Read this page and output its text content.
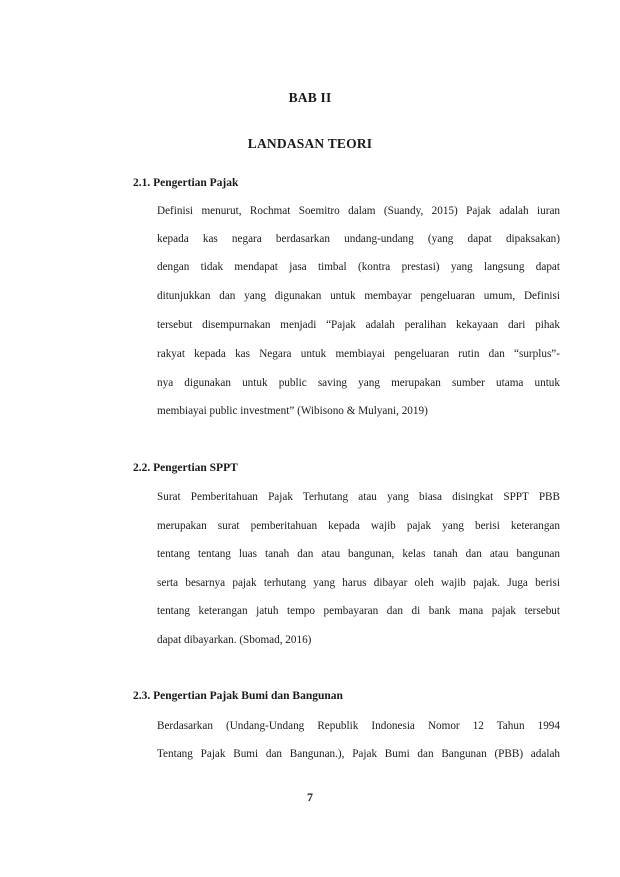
BAB II
LANDASAN TEORI
2.1. Pengertian Pajak
Definisi menurut, Rochmat Soemitro dalam (Suandy, 2015) Pajak adalah iuran
kepada kas negara berdasarkan undang-undang (yang dapat dipaksakan)
dengan tidak mendapat jasa timbal (kontra prestasi) yang langsung dapat
ditunjukkan dan yang digunakan untuk membayar pengeluaran umum, Definisi
tersebut disempurnakan menjadi “Pajak adalah peralihan kekayaan dari pihak
rakyat kepada kas Negara untuk membiayai pengeluaran rutin dan “surplus”-
nya digunakan untuk public saving yang merupakan sumber utama untuk
membiayai public investment” (Wibisono & Mulyani, 2019)
2.2. Pengertian SPPT
Surat Pemberitahuan Pajak Terhutang atau yang biasa disingkat SPPT PBB
merupakan surat pemberitahuan kepada wajib pajak yang berisi keterangan
tentang tentang luas tanah dan atau bangunan, kelas tanah dan atau bangunan
serta besarnya pajak terhutang yang harus dibayar oleh wajib pajak. Juga berisi
tentang keterangan jatuh tempo pembayaran dan di bank mana pajak tersebut
dapat dibayarkan. (Sbomad, 2016)
2.3. Pengertian Pajak Bumi dan Bangunan
Berdasarkan (Undang-Undang Republik Indonesia Nomor 12 Tahun 1994
Tentang Pajak Bumi dan Bangunan.), Pajak Bumi dan Bangunan (PBB) adalah
7
